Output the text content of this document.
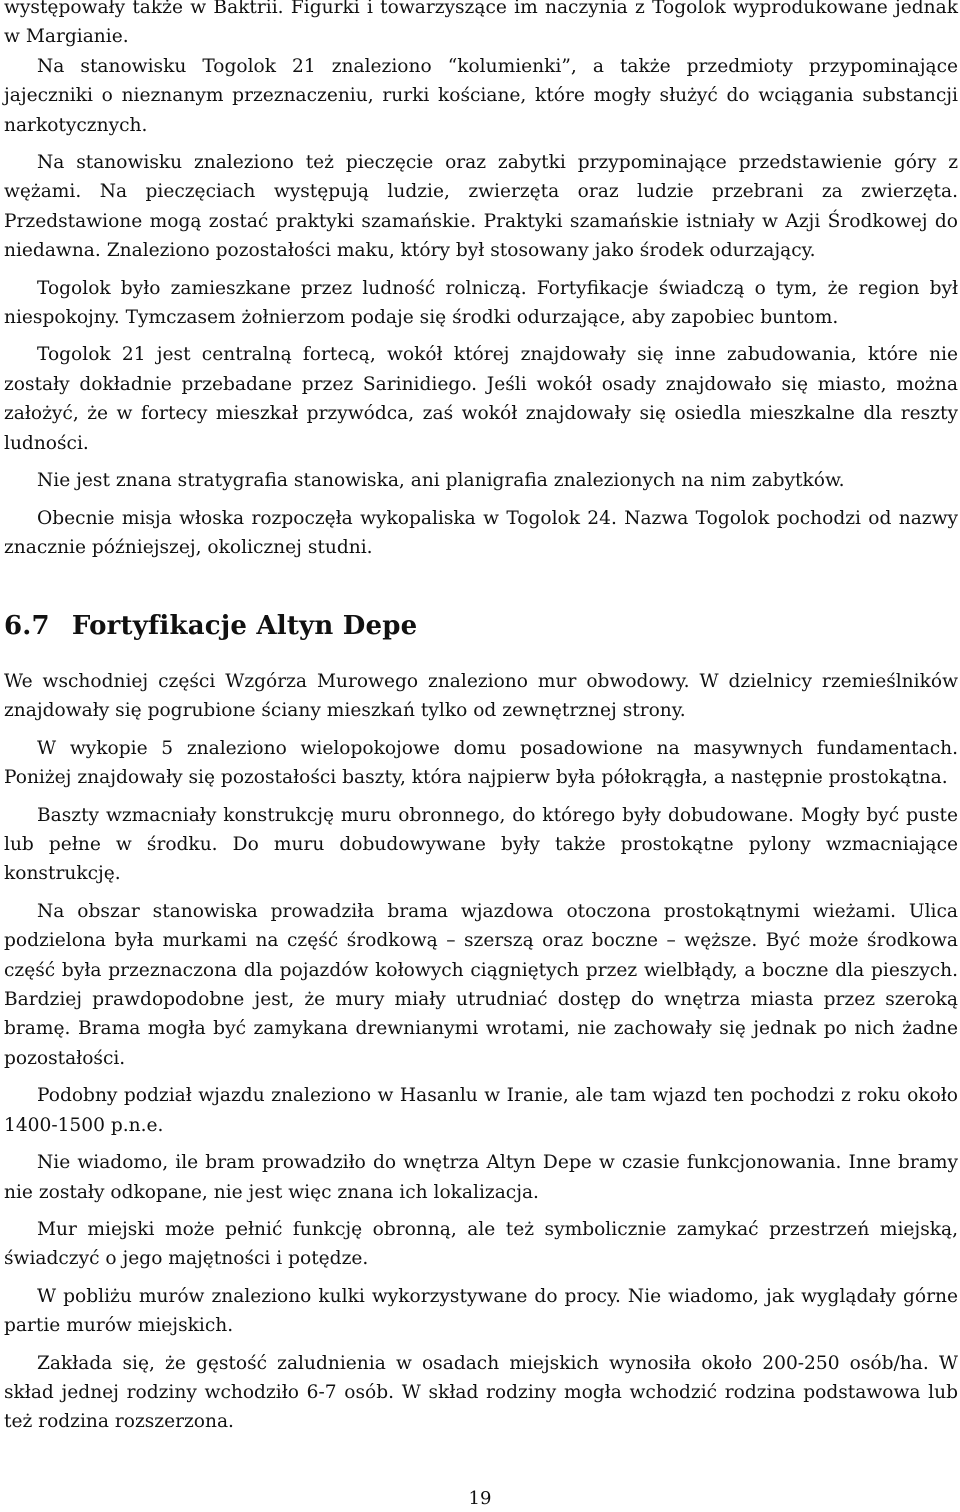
występowały także w Baktrii. Figurki i towarzyszące im naczynia z Togolok wyprodukowane jednak w Margianie.

Na stanowisku Togolok 21 znaleziono “kolumienki”, a także przedmioty przypominające jajeczniki o nieznanym przeznaczeniu, rurki kościane, które mogły służyć do wciągania substancji narkotycznych.

Na stanowisku znaleziono też pieczęcie oraz zabytki przypominające przedstawienie góry z wężami. Na pieczęciach występują ludzie, zwierzęta oraz ludzie przebrani za zwierzęta. Przedstawione mogą zostać praktyki szamańskie. Praktyki szamańskie istniały w Azji Środkowej do niedawna. Znaleziono pozostałości maku, który był stosowany jako środek odurzający.

Togolok było zamieszkane przez ludność rolniczą. Fortyfikacje świadczą o tym, że region był niespokojny. Tymczasem żołnierzom podaje się środki odurzające, aby zapobiec buntom.

Togolok 21 jest centralną fortecą, wokół której znajdowały się inne zabudowania, które nie zostały dokładnie przebadane przez Sarinidiego. Jeśli wokół osady znajdowało się miasto, można założyć, że w fortecy mieszkał przywódca, zaś wokół znajdowały się osiedla mieszkalne dla reszty ludności.

Nie jest znana stratygrafia stanowiska, ani planigrafia znalezionych na nim zabytków.

Obecnie misja włoska rozpoczęła wykopaliska w Togolok 24. Nazwa Togolok pochodzi od nazwy znacznie późniejszej, okolicznej studni.

6.7 Fortyfikacje Altyn Depe

We wschodniej części Wzgórza Murowego znaleziono mur obwodowy. W dzielnicy rzemieślników znajdowały się pogrubione ściany mieszkań tylko od zewnętrznej strony.

W wykopie 5 znaleziono wielopokojowe domu posadowione na masywnych fundamentach. Poniżej znajdowały się pozostałości baszty, która najpierw była półokrągła, a następnie prostokątna.

Baszty wzmacniały konstrukcję muru obronnego, do którego były dobudowane. Mogły być puste lub pełne w środku. Do muru dobudowywane były także prostokątne pylony wzmacniające konstrukcję.

Na obszar stanowiska prowadziła brama wjazdowa otoczona prostokątnymi wieżami. Ulica podzielona była murkami na część środkową – szerszą oraz boczne – węższe. Być może środkowa część była przeznaczona dla pojazdów kołowych ciągniętych przez wielbłądy, a boczne dla pieszych. Bardziej prawdopodobne jest, że mury miały utrudniać dostęp do wnętrza miasta przez szeroką bramę. Brama mogła być zamykana drewnianymi wrotami, nie zachowały się jednak po nich żadne pozostałości.

Podobny podział wjazdu znaleziono w Hasanlu w Iranie, ale tam wjazd ten pochodzi z roku około 1400-1500 p.n.e.

Nie wiadomo, ile bram prowadziło do wnętrza Altyn Depe w czasie funkcjonowania. Inne bramy nie zostały odkopane, nie jest więc znana ich lokalizacja.

Mur miejski może pełnić funkcję obronną, ale też symbolicznie zamykać przestrzeń miejską, świadczyć o jego majętności i potędze.

W pobliżu murów znaleziono kulki wykorzystywane do procy. Nie wiadomo, jak wyglądały górne partie murów miejskich.

Zakłada się, że gęstość zaludnienia w osadach miejskich wynosiła około 200-250 osób/ha. W skład jednej rodziny wchodziło 6-7 osób. W skład rodziny mogła wchodzić rodzina podstawowa lub też rodzina rozszerzona.

19
